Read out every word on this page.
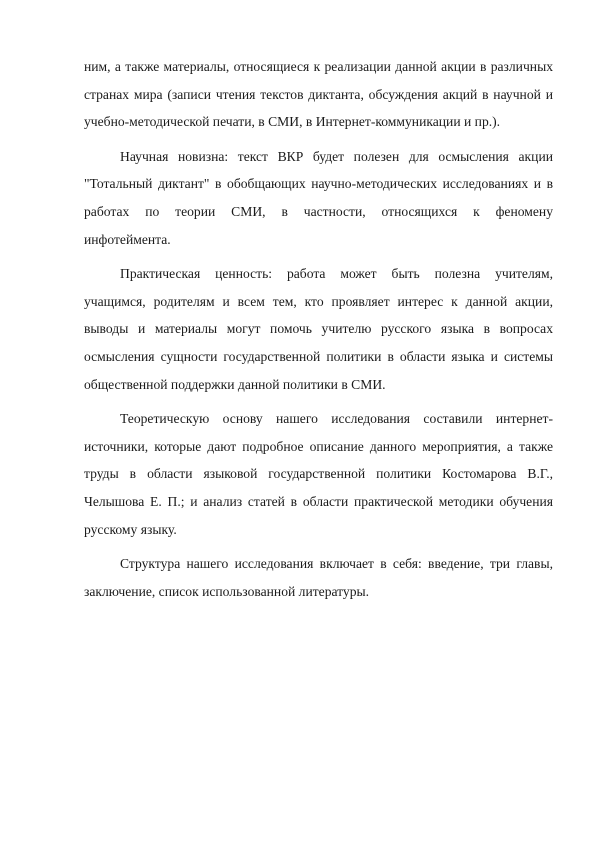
ним, а также материалы, относящиеся к реализации данной акции в различных
странах мира (записи чтения текстов диктанта, обсуждения акций в научной и
учебно-методической печати, в СМИ, в Интернет-коммуникации и пр.).

Научная новизна: текст ВКР будет полезен для осмысления акции
"Тотальный диктант" в обобщающих научно-методических исследованиях и в
работах по теории СМИ, в частности, относящихся к феномену
инфотеймента.

Практическая ценность: работа может быть полезна учителям,
учащимся, родителям и всем тем, кто проявляет интерес к данной акции,
выводы и материалы могут помочь учителю русского языка в вопросах
осмысления сущности государственной политики в области языка и системы
общественной поддержки данной политики в СМИ.

Теоретическую основу нашего исследования составили интернет-
источники, которые дают подробное описание данного мероприятия, а также
труды в области языковой государственной политики Костомарова В.Г.,
Челышова Е. П.; и анализ статей в области практической методики обучения
русскому языку.

Структура нашего исследования включает в себя: введение, три главы,
заключение, список использованной литературы.
